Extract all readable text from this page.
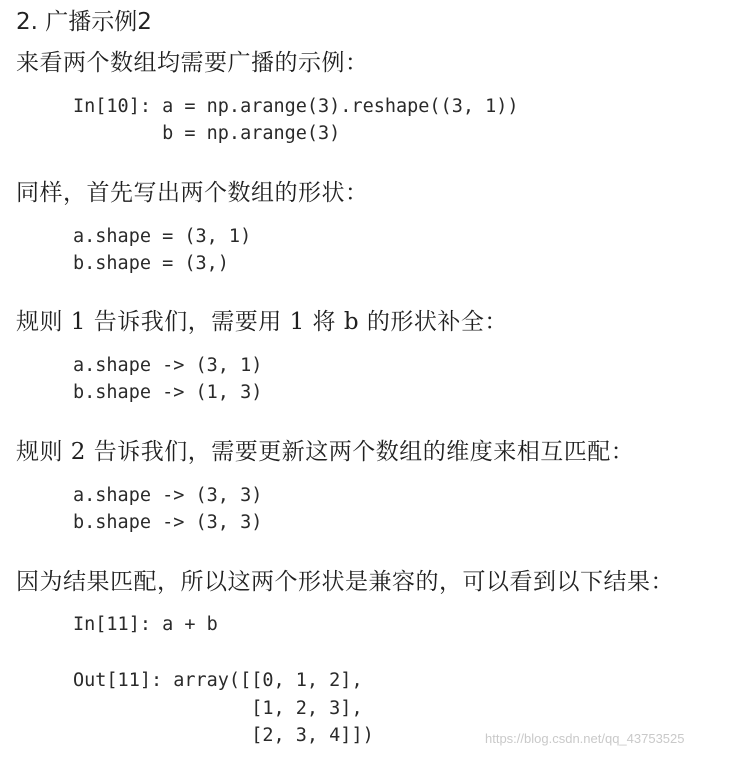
2. 广播示例2
来看两个数组均需要广播的示例：
In[10]: a = np.arange(3).reshape((3, 1))
b = np.arange(3)
同样，首先写出两个数组的形状：
a.shape = (3, 1)
b.shape = (3,)
规则 1 告诉我们，需要用 1 将 b 的形状补全：
a.shape -> (3, 1)
b.shape -> (1, 3)
规则 2 告诉我们，需要更新这两个数组的维度来相互匹配：
a.shape -> (3, 3)
b.shape -> (3, 3)
因为结果匹配，所以这两个形状是兼容的，可以看到以下结果：
In[11]: a + b
Out[11]: array([[0, 1, 2],
[1, 2, 3],
[2, 3, 4]])	https://blog.csdn.net/qq_43753525
